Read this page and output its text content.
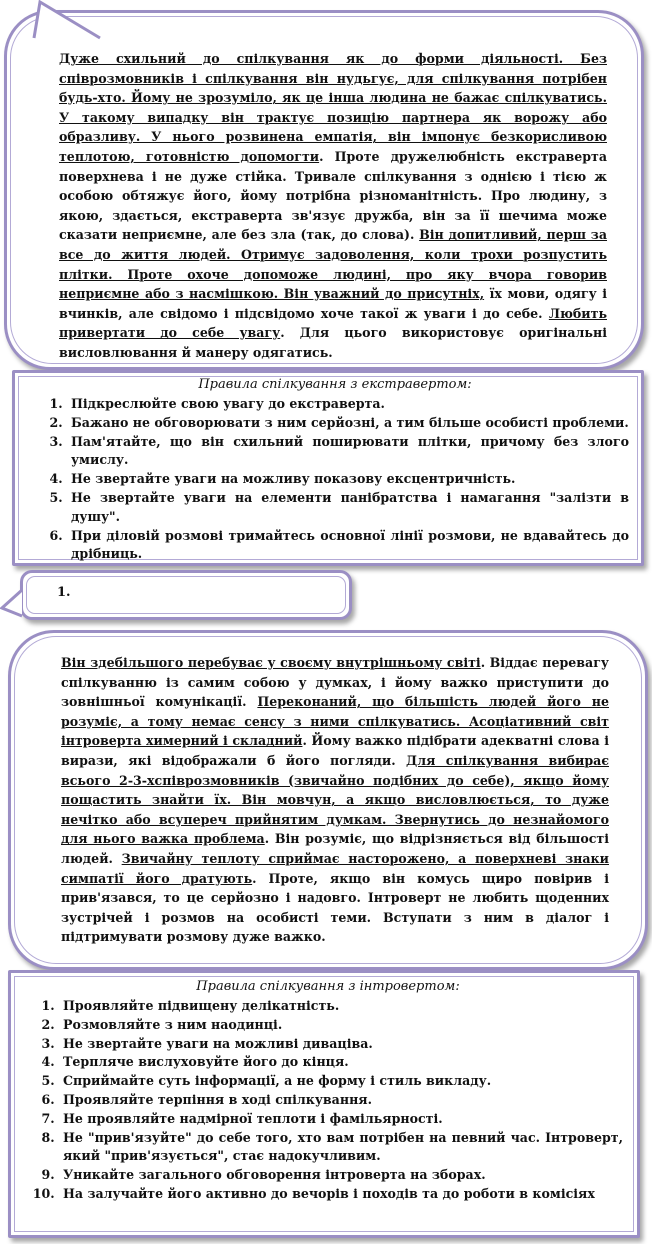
Дуже схильний до спілкування як до форми діяльності. Без співрозмовників і спілкування він нудьгує, для спілкування потрібен будь-хто. Йому не зрозуміло, як це інша людина не бажає спілкуватись. У такому випадку він трактує позицію партнера як ворожу або образливу. У нього розвинена емпатія, він імпонує безкорисливою теплотою, готовністю допомогти. Проте дружелюбність екстраверта поверхнева і не дуже стійка. Тривале спілкування з однією і тією ж особою обтяжує його, йому потрібна різноманітність. Про людину, з якою, здається, екстраверта зв'язує дружба, він за її шечима може сказати неприємне, але без зла (так, до слова). Він допитливий, перш за все до життя людей. Отримує задоволення, коли трохи розпустить плітки. Проте охоче допоможе людині, про яку вчора говорив неприємне або з насмішкою. Він уважний до присутніх, їх мови, одягу і вчинків, але свідомо і підсвідомо хоче такої ж уваги і до себе. Любить привертати до себе увагу. Для цього використовує оригінальні висловлювання й манеру одягатись.

Правила спілкування з екстравертом:

1. Підкреслюйте свою увагу до екстраверта.
2. Бажано не обговорювати з ним серйозні, а тим більше особисті проблеми.
3. Пам'ятайте, що він схильний поширювати плітки, причому без злого умислу.
4. Не звертайте уваги на можливу показову ексцентричність.
5. Не звертайте уваги на елементи панібратства і намагання "залізти в душу".
6. При діловій розмові тримайтесь основної лінії розмови, не вдавайтесь до дрібниць.
1.

Він здебільшого перебуває у своєму внутрішньому світі. Віддає перевагу спілкуванню із самим собою у думках, і йому важко приступити до зовнішньої комунікації. Переконаний, що більшість людей його не розуміє, а тому немає сенсу з ними спілкуватись. Асоціативний світ інтроверта химерний і складний. Йому важко підібрати адекватні слова і вирази, які відображали б його погляди. Для спілкування вибирає всього 2-3-хспіврозмовників (звичайно подібних до себе), якщо йому пощастить знайти їх. Він мовчун, а якщо висловлюється, то дуже нечітко або всупереч прийнятим думкам. Звернутись до незнайомого для нього важка проблема. Він розуміє, що відрізняється від більшості людей. Звичайну теплоту сприймає насторожено, а поверхневі знаки симпатії його дратують. Проте, якщо він комусь щиро повірив і прив'язався, то це серйозно і надовго. Інтроверт не любить щоденних зустрічей і розмов на особисті теми. Вступати з ним в діалог і підтримувати розмову дуже важко.

Правила спілкування з інтровертом:

1. Проявляйте підвищену делікатність.
2. Розмовляйте з ним наодинці.
3. Не звертайте уваги на можливі диваціва.
4. Терпляче вислуховуйте його до кінця.
5. Сприймайте суть інформації, а не форму і стиль викладу.
6. Проявляйте терпіння в ході спілкування.
7. Не проявляйте надмірної теплоти і фамільярності.
8. Не "прив'язуйте" до себе того, хто вам потрібен на певний час. Інтроверт, який "прив'язується", стає надокучливим.
9. Уникайте загального обговорення інтроверта на зборах.
10. На залучайте його активно до вечорів і походів та до роботи в комісіях
